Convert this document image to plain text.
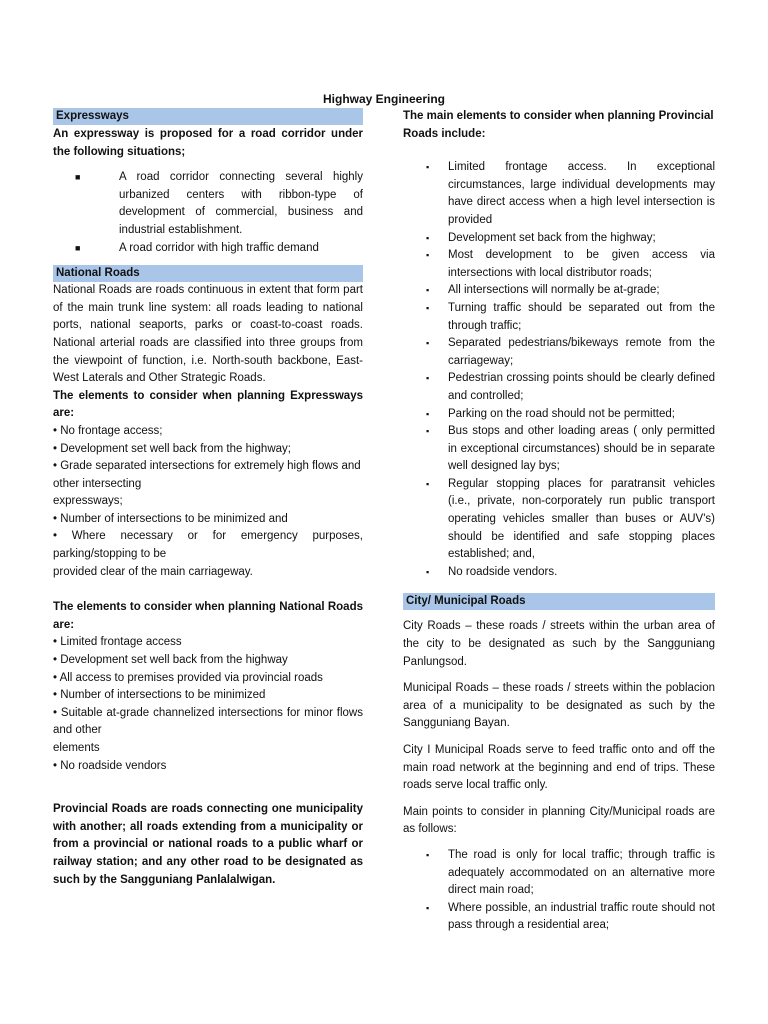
Highway Engineering
Expressways

An expressway is proposed for a road corridor under the following situations;

■	A road corridor connecting several highly urbanized centers with ribbon-type of development of commercial, business and industrial establishment.
■	A road corridor with high traffic demand
National Roads

National Roads are roads continuous in extent that form part of the main trunk line system: all roads leading to national ports, national seaports, parks or coast-to-coast roads. National arterial roads are classified into three groups from the viewpoint of function, i.e. North-south backbone, East-West Laterals and Other Strategic Roads.

The elements to consider when planning Expressways are:

• No frontage access;

• Development set well back from the highway;

• Grade separated intersections for extremely high flows and other intersecting

expressways;

• Number of intersections to be minimized and

• Where necessary or for emergency purposes, parking/stopping to be

provided clear of the main carriageway.

The elements to consider when planning National Roads are:

• Limited frontage access

• Development set well back from the highway

• All access to premises provided via provincial roads

• Number of intersections to be minimized

• Suitable at-grade channelized intersections for minor flows and other

elements

• No roadside vendors

Provincial Roads are roads connecting one municipality with another; all roads extending from a municipality or from a provincial or national roads to a public wharf or railway station; and any other road to be designated as such by the Sangguniang Panlalalwigan.

The main elements to consider when planning Provincial Roads include:

▪ Limited frontage access. In exceptional circumstances, large individual developments may have direct access when a high level intersection is provided
▪ Development set back from the highway;
▪ Most development to be given access via intersections with local distributor roads;
▪ All intersections will normally be at-grade;
▪ Turning traffic should be separated out from the through traffic;
▪ Separated pedestrians/bikeways remote from the carriageway;
▪ Pedestrian crossing points should be clearly defined and controlled;
▪ Parking on the road should not be permitted;
▪ Bus stops and other loading areas ( only permitted in exceptional circumstances) should be in separate well designed lay bys;
▪ Regular stopping places for paratransit vehicles (i.e., private, non-corporately run public transport operating vehicles smaller than buses or AUV's) should be identified and safe stopping places established; and,
▪ No roadside vendors.
City/ Municipal Roads

City Roads – these roads / streets within the urban area of the city to be designated as such by the Sangguniang Panlungsod.

Municipal Roads – these roads / streets within the poblacion area of a municipality to be designated as such by the Sangguniang Bayan.

City I Municipal Roads serve to feed traffic onto and off the main road network at the beginning and end of trips. These roads serve local traffic only.

Main points to consider in planning City/Municipal roads are as follows:

▪ The road is only for local traffic; through traffic is adequately accommodated on an alternative more direct main road;
▪ Where possible, an industrial traffic route should not pass through a residential area;
